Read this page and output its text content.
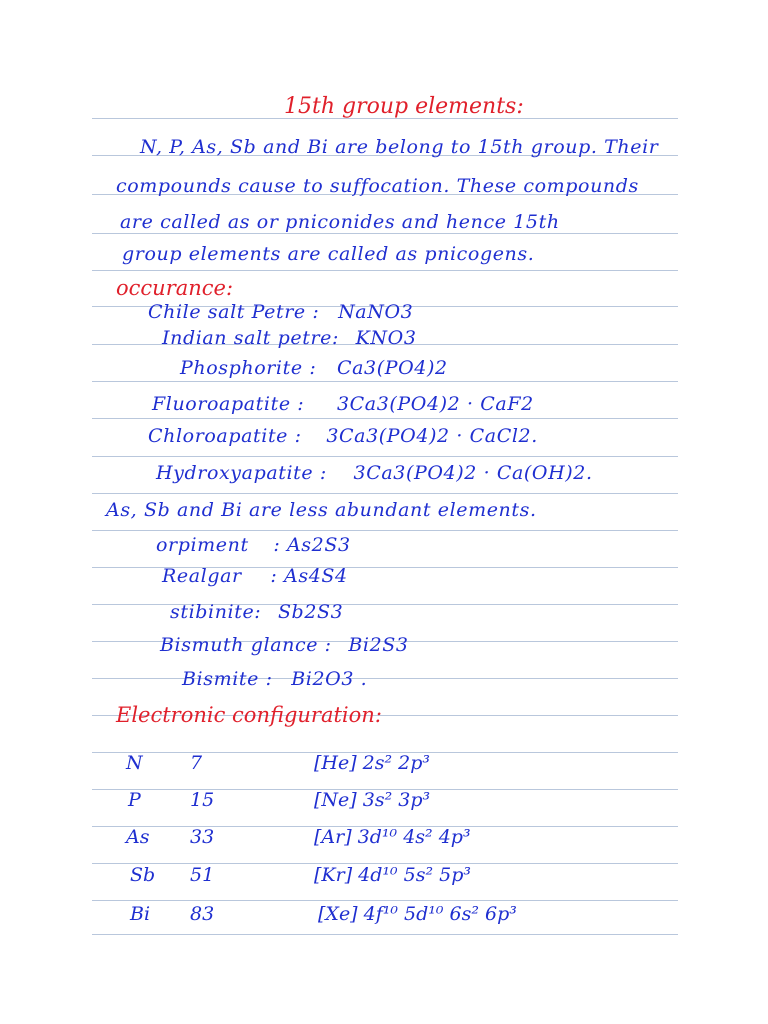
15th group elements:
N, P, As, Sb and Bi are belong to 15th group. Their
compounds cause to suffocation. These compounds
are called as or pniconides and hence 15th
group elements are called as pnicogens.
occurance:
Chile salt Petre : NaNO3
Indian salt petre: KNO3
Phosphorite : Ca3(PO4)2
Fluoroapatite : 3Ca3(PO4)2 · CaF2
Chloroapatite : 3Ca3(PO4)2 · CaCl2.
Hydroxyapatite : 3Ca3(PO4)2 · Ca(OH)2.
As, Sb and Bi are less abundant elements.
orpiment : As2S3
Realgar : As4S4
stibinite: Sb2S3
Bismuth glance : Bi2S3
Bismite : Bi2O3 .
Electronic configuration:
N 7	[He] 2s² 2p³
P	15	[Ne] 3s² 3p³
As 33	[Ar] 3d¹⁰ 4s² 4p³
Sb 51	[Kr] 4d¹⁰ 5s² 5p³
Bi 83	[Xe] 4f¹⁰ 5d¹⁰ 6s² 6p³
